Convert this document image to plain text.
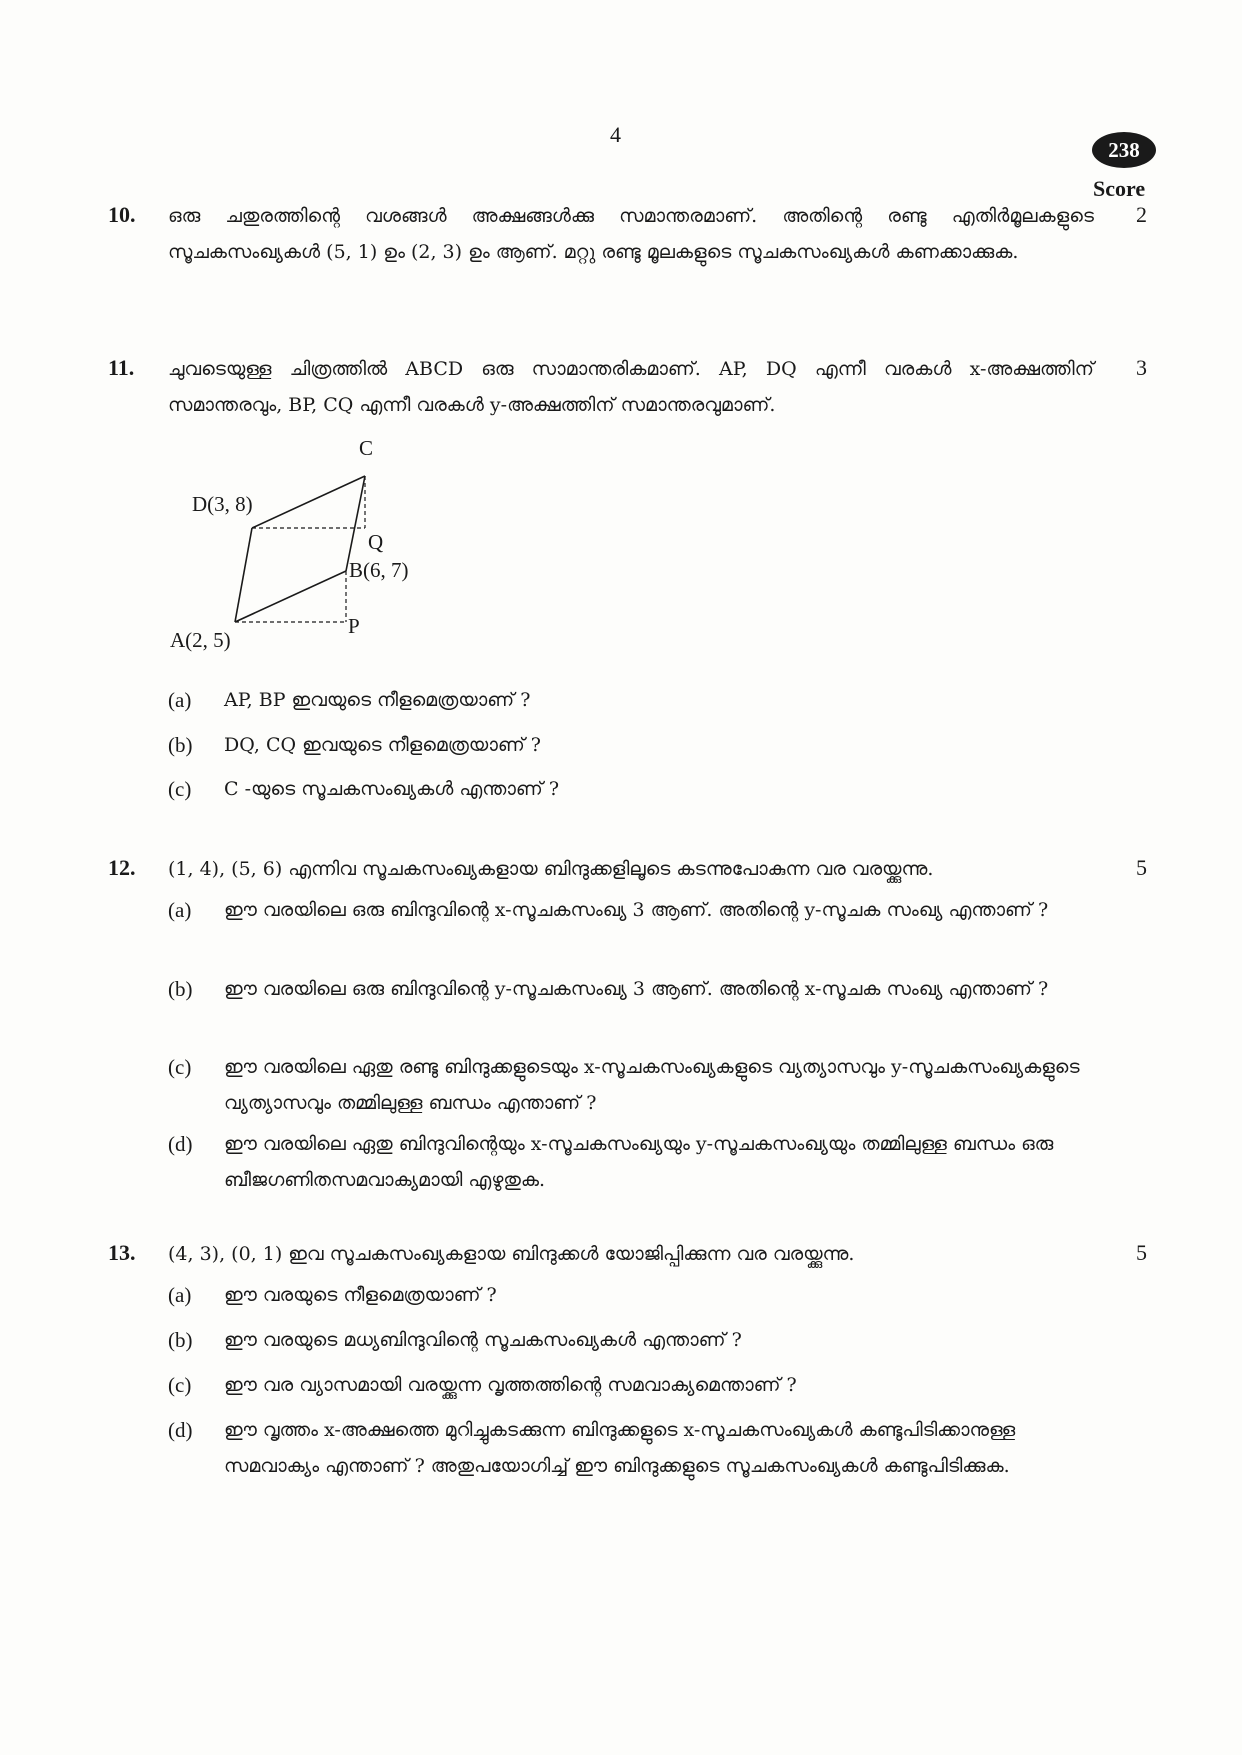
4
238
Score
10. ഒരു ചതുരത്തിന്റെ വശങ്ങൾ അക്ഷങ്ങൾക്കു സമാന്തരമാണ്. അതിന്റെ രണ്ടു എതിർമൂലകളുടെ സൂചകസംഖ്യകൾ (5, 1) ഉം (2, 3) ഉം ആണ്. മറ്റു രണ്ടു മൂലകളുടെ സൂചകസംഖ്യകൾ കണക്കാക്കുക.
2
11. ചുവടെയുള്ള ചിത്രത്തിൽ ABCD ഒരു സാമാന്തരികമാണ്. AP, DQ എന്നീ വരകൾ x-അക്ഷത്തിന് സമാന്തരവും, BP, CQ എന്നീ വരകൾ y-അക്ഷത്തിന് സമാന്തരവുമാണ്.
3
C
D(3, 8)
Q
B(6, 7)
P
A(2, 5)
(a)	AP, BP ഇവയുടെ നീളമെത്രയാണ് ?
(b)	DQ, CQ ഇവയുടെ നീളമെത്രയാണ് ?
(c)	C -യുടെ സൂചകസംഖ്യകൾ എന്താണ് ?
12. (1, 4), (5, 6) എന്നിവ സൂചകസംഖ്യകളായ ബിന്ദുക്കളിലൂടെ കടന്നുപോകുന്ന വര വരയ്ക്കുന്നു.	5
(a)	ഈ വരയിലെ ഒരു ബിന്ദുവിന്റെ x-സൂചകസംഖ്യ 3 ആണ്. അതിന്റെ y-സൂചക സംഖ്യ എന്താണ് ?
(b)	ഈ വരയിലെ ഒരു ബിന്ദുവിന്റെ y-സൂചകസംഖ്യ 3 ആണ്. അതിന്റെ x-സൂചക സംഖ്യ എന്താണ് ?
(c)	ഈ വരയിലെ ഏതു രണ്ടു ബിന്ദുക്കളുടെയും x-സൂചകസംഖ്യകളുടെ വ്യത്യാസവും y-സൂചകസംഖ്യകളുടെ വ്യത്യാസവും തമ്മിലുള്ള ബന്ധം എന്താണ് ?
(d)	ഈ വരയിലെ ഏതു ബിന്ദുവിന്റെയും x-സൂചകസംഖ്യയും y-സൂചകസംഖ്യയും തമ്മിലുള്ള ബന്ധം ഒരു ബീജഗണിതസമവാക്യമായി എഴുതുക.
13. (4, 3), (0, 1) ഇവ സൂചകസംഖ്യകളായ ബിന്ദുക്കൾ യോജിപ്പിക്കുന്ന വര വരയ്ക്കുന്നു.	5
(a)	ഈ വരയുടെ നീളമെത്രയാണ് ?
(b)	ഈ വരയുടെ മധ്യബിന്ദുവിന്റെ സൂചകസംഖ്യകൾ എന്താണ് ?
(c)	ഈ വര വ്യാസമായി വരയ്ക്കുന്ന വൃത്തത്തിന്റെ സമവാക്യമെന്താണ് ?
(d)	ഈ വൃത്തം x-അക്ഷത്തെ മുറിച്ചുകടക്കുന്ന ബിന്ദുക്കളുടെ x-സൂചകസംഖ്യകൾ കണ്ടുപിടിക്കാനുള്ള സമവാക്യം എന്താണ് ? അതുപയോഗിച്ച് ഈ ബിന്ദുക്കളുടെ സൂചകസംഖ്യകൾ കണ്ടുപിടിക്കുക.
